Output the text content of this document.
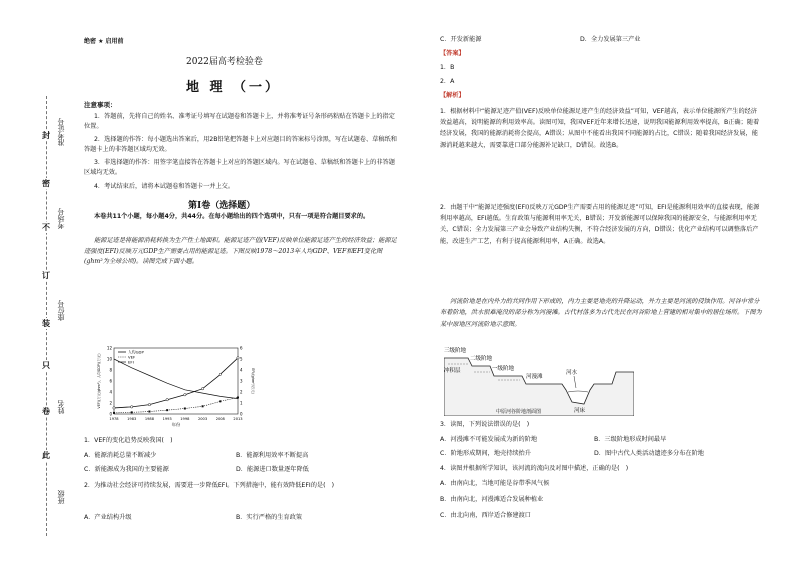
封
密
不
订
装
只
卷
此
准考证号
考场号
座位号
姓名
班级
绝密 ★ 启用前
2022届高考检验卷
地 理 （一）
注意事项：
1．答题前，先将自己的姓名、准考证号填写在试题卷和答题卡上，并将准考证号条形码粘贴在答题卡上的指定位置。
2．选择题的作答：每小题选出答案后，用2B铅笔把答题卡上对应题目的答案标号涂黑，写在试题卷、草稿纸和答题卡上的非答题区域均无效。
3．非选择题的作答：用签字笔直接答在答题卡上对应的答题区域内。写在试题卷、草稿纸和答题卡上的非答题区域均无效。
4．考试结束后，请将本试题卷和答题卡一并上交。
第Ⅰ卷（选择题）
本卷共11个小题，每小题4分，共44分。在每小题给出的四个选项中，只有一项是符合题目要求的。
能源足迹是将能源消耗转换为生产性土地面积。能源足迹产值(VEF)反映单位能源足迹产生的经济效益；能源足迹强度(EFI)反映万元GDP生产需要占用的能源足迹。下图反映1978～2013年人均GDP、VEF和EFI变化图(ghm²为全球公顷)。读图完成下面小题。
0
2
4
6
8
10
12
0
1
2
3
4
5
6
1978 1983 1988 1993 1998 2003 2008 2013
年份
VEF/(万元/ghm²)、人均GDP/(万元)	EFI/(ghm²/万元)
人均GDP
VEF
EFI
1．VEF的变化趋势反映我国(　)
A．能源消耗总量不断减少	B．能源利用效率不断提高
C．新能源成为我国的主要能源	D．能源进口数量逐年降低
2．为推动社会经济可持续发展，需要进一步降低EFI。下列措施中，能有效降低EFI的是(　)
A．产业结构升级	B．实行严格的生育政策
C．开发新能源	D．全力发展第三产业
【答案】
1．B
2．A
【解析】
1．根据材料中“能源足迹产值(VEF)反映单位能源足迹产生的经济效益”可知，VEF越高，表示单位能源所产生的经济效益越高，说明能源的利用效率高。读图可知，我国VEF近年来增长迅速，说明我国能源利用效率提高，B正确；随着经济发展，我国的能源消耗将会提高，A错误；从图中不能看出我国不同能源的占比，C错误；随着我国经济发展，能源消耗越来越大，需要靠进口部分能源补足缺口，D错误。故选B。
2．由题干中“能源足迹强度(EFI)反映万元GDP生产需要占用的能源足迹”可知，EFI是能源利用效率的直接表现，能源利用率越高，EFI越低。生育政策与能源利用率无关，B错误；开发新能源可以保障我国的能源安全，与能源利用率无关，C错误；全力发展第三产业会导致产业结构失衡，不符合经济发展的方向，D错误；优化产业结构可以调整落后产能，改进生产工艺，有利于提高能源利用率，A正确。故选A。
河流阶地是在内外力的共同作用下形成的，内力主要是地壳的升降运动，外力主要是河流的侵蚀作用。河谷中常分布着阶地，洪水很难淹没的部分称为河漫滩。古代村落多为古代先民在河谷阶地上营建的相对集中的居住场所。下图为某中原地区河流阶地示意图。
三级阶地
二级阶地
一级阶地
冲积层
河漫滩
河水
河床
中原河谷阶地剖面图
3．读图，下列说法错误的是(　)
A．河漫滩不可能发展成为新的阶地	B．三级阶地形成时间最早
C．阶地形成期间，地壳持续抬升	D．图中古代人类活动遗迹多分布在阶地
4．读图并根据所学知识，该河流的流向及对图中描述，正确的是(　)
A．由南向北，当地可能是谷带季风气候
B．由南向北，河漫滩适合发展种植业
C．由北向南，西岸适合修建渡口
